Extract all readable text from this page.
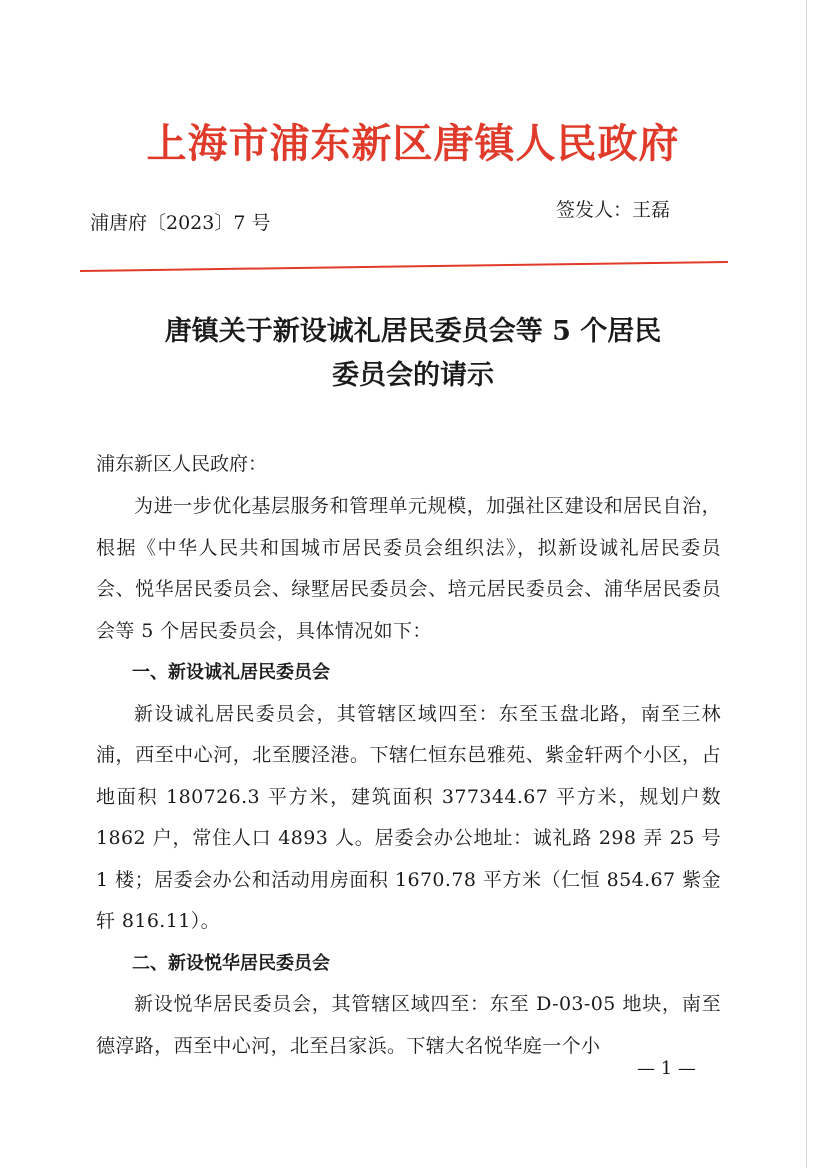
上海市浦东新区唐镇人民政府
浦唐府〔2023〕7 号
签发人：王磊
唐镇关于新设诚礼居民委员会等 5 个居民
委员会的请示
浦东新区人民政府：

为进一步优化基层服务和管理单元规模，加强社区建设和居民自治，根据《中华人民共和国城市居民委员会组织法》，拟新设诚礼居民委员会、悦华居民委员会、绿墅居民委员会、培元居民委员会、浦华居民委员会等 5 个居民委员会，具体情况如下：

一、新设诚礼居民委员会

新设诚礼居民委员会，其管辖区域四至：东至玉盘北路，南至三林浦，西至中心河，北至腰泾港。下辖仁恒东邑雅苑、紫金轩两个小区，占地面积 180726.3 平方米，建筑面积 377344.67 平方米，规划户数 1862 户，常住人口 4893 人。居委会办公地址：诚礼路 298 弄 25 号 1 楼；居委会办公和活动用房面积 1670.78 平方米（仁恒 854.67 紫金轩 816.11）。

二、新设悦华居民委员会

新设悦华居民委员会，其管辖区域四至：东至 D-03-05 地块，南至德淳路，西至中心河，北至吕家浜。下辖大名悦华庭一个小

— 1 —
